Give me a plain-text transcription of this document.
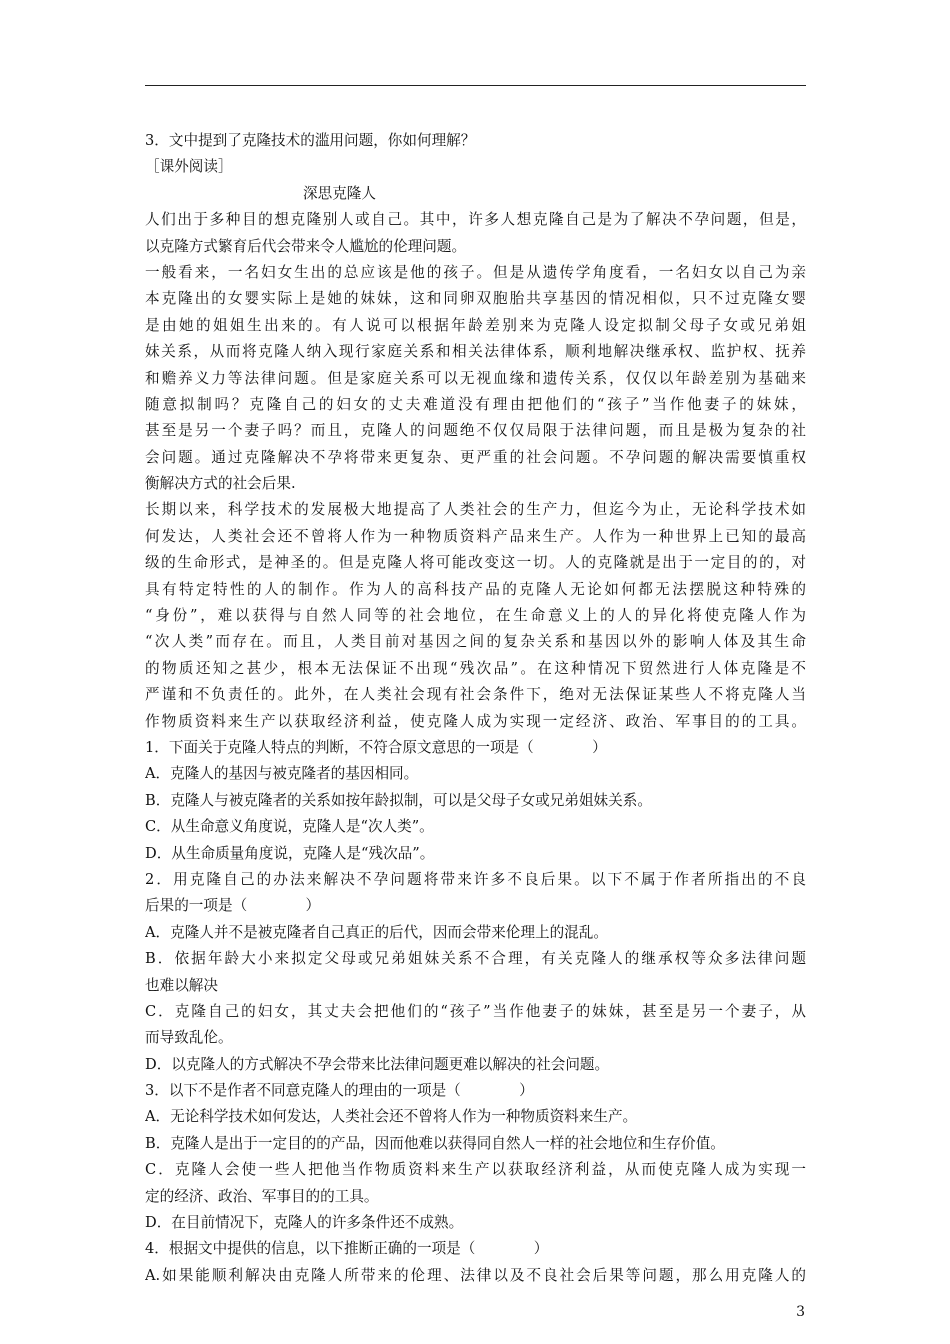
3．文中提到了克隆技术的滥用问题，你如何理解？
［课外阅读］
深思克隆人
人们出于多种目的想克隆别人或自己。其中，许多人想克隆自己是为了解决不孕问题，但是，
以克隆方式繁育后代会带来令人尴尬的伦理问题。
一般看来，一名妇女生出的总应该是他的孩子。但是从遗传学角度看，一名妇女以自己为亲
本克隆出的女婴实际上是她的妹妹，这和同卵双胞胎共享基因的情况相似，只不过克隆女婴
是由她的姐姐生出来的。有人说可以根据年龄差别来为克隆人设定拟制父母子女或兄弟姐
妹关系，从而将克隆人纳入现行家庭关系和相关法律体系，顺利地解决继承权、监护权、抚养
和赡养义力等法律问题。但是家庭关系可以无视血缘和遗传关系，仅仅以年龄差别为基础来
随意拟制吗？克隆自己的妇女的丈夫难道没有理由把他们的“孩子”当作他妻子的妹妹，
甚至是另一个妻子吗？而且，克隆人的问题绝不仅仅局限于法律问题，而且是极为复杂的社
会问题。通过克隆解决不孕将带来更复杂、更严重的社会问题。不孕问题的解决需要慎重权
衡解决方式的社会后果.
长期以来，科学技术的发展极大地提高了人类社会的生产力，但迄今为止，无论科学技术如
何发达，人类社会还不曾将人作为一种物质资料产品来生产。人作为一种世界上已知的最高
级的生命形式，是神圣的。但是克隆人将可能改变这一切。人的克隆就是出于一定目的的，对
具有特定特性的人的制作。作为人的高科技产品的克隆人无论如何都无法摆脱这种特殊的
“身份”，难以获得与自然人同等的社会地位，在生命意义上的人的异化将使克隆人作为
“次人类”而存在。而且，人类目前对基因之间的复杂关系和基因以外的影响人体及其生命
的物质还知之甚少，根本无法保证不出现“残次品”。在这种情况下贸然进行人体克隆是不
严谨和不负责任的。此外，在人类社会现有社会条件下，绝对无法保证某些人不将克隆人当
作物质资料来生产以获取经济利益，使克隆人成为实现一定经济、政治、军事目的的工具。
1．下面关于克隆人特点的判断，不符合原文意思的一项是（　　　　）
A．克隆人的基因与被克隆者的基因相同。
B．克隆人与被克隆者的关系如按年龄拟制，可以是父母子女或兄弟姐妹关系。
C．从生命意义角度说，克隆人是“次人类”。
D．从生命质量角度说，克隆人是“残次品”。
2．用克隆自己的办法来解决不孕问题将带来许多不良后果。以下不属于作者所指出的不良
后果的一项是（　　　　）
A．克隆人并不是被克隆者自己真正的后代，因而会带来伦理上的混乱。
B．依据年龄大小来拟定父母或兄弟姐妹关系不合理，有关克隆人的继承权等众多法律问题
也难以解决
C．克隆自己的妇女，其丈夫会把他们的“孩子”当作他妻子的妹妹，甚至是另一个妻子，从
而导致乱伦。
D．以克隆人的方式解决不孕会带来比法律问题更难以解决的社会问题。
3．以下不是作者不同意克隆人的理由的一项是（　　　　）
A．无论科学技术如何发达，人类社会还不曾将人作为一种物质资料来生产。
B．克隆人是出于一定目的的产品，因而他难以获得同自然人一样的社会地位和生存价值。
C．克隆人会使一些人把他当作物质资料来生产以获取经济利益，从而使克隆人成为实现一
定的经济、政治、军事目的的工具。
D．在目前情况下，克隆人的许多条件还不成熟。
4．根据文中提供的信息，以下推断正确的一项是（　　　　）
A.如果能顺利解决由克隆人所带来的伦理、法律以及不良社会后果等问题，那么用克隆人的
3
